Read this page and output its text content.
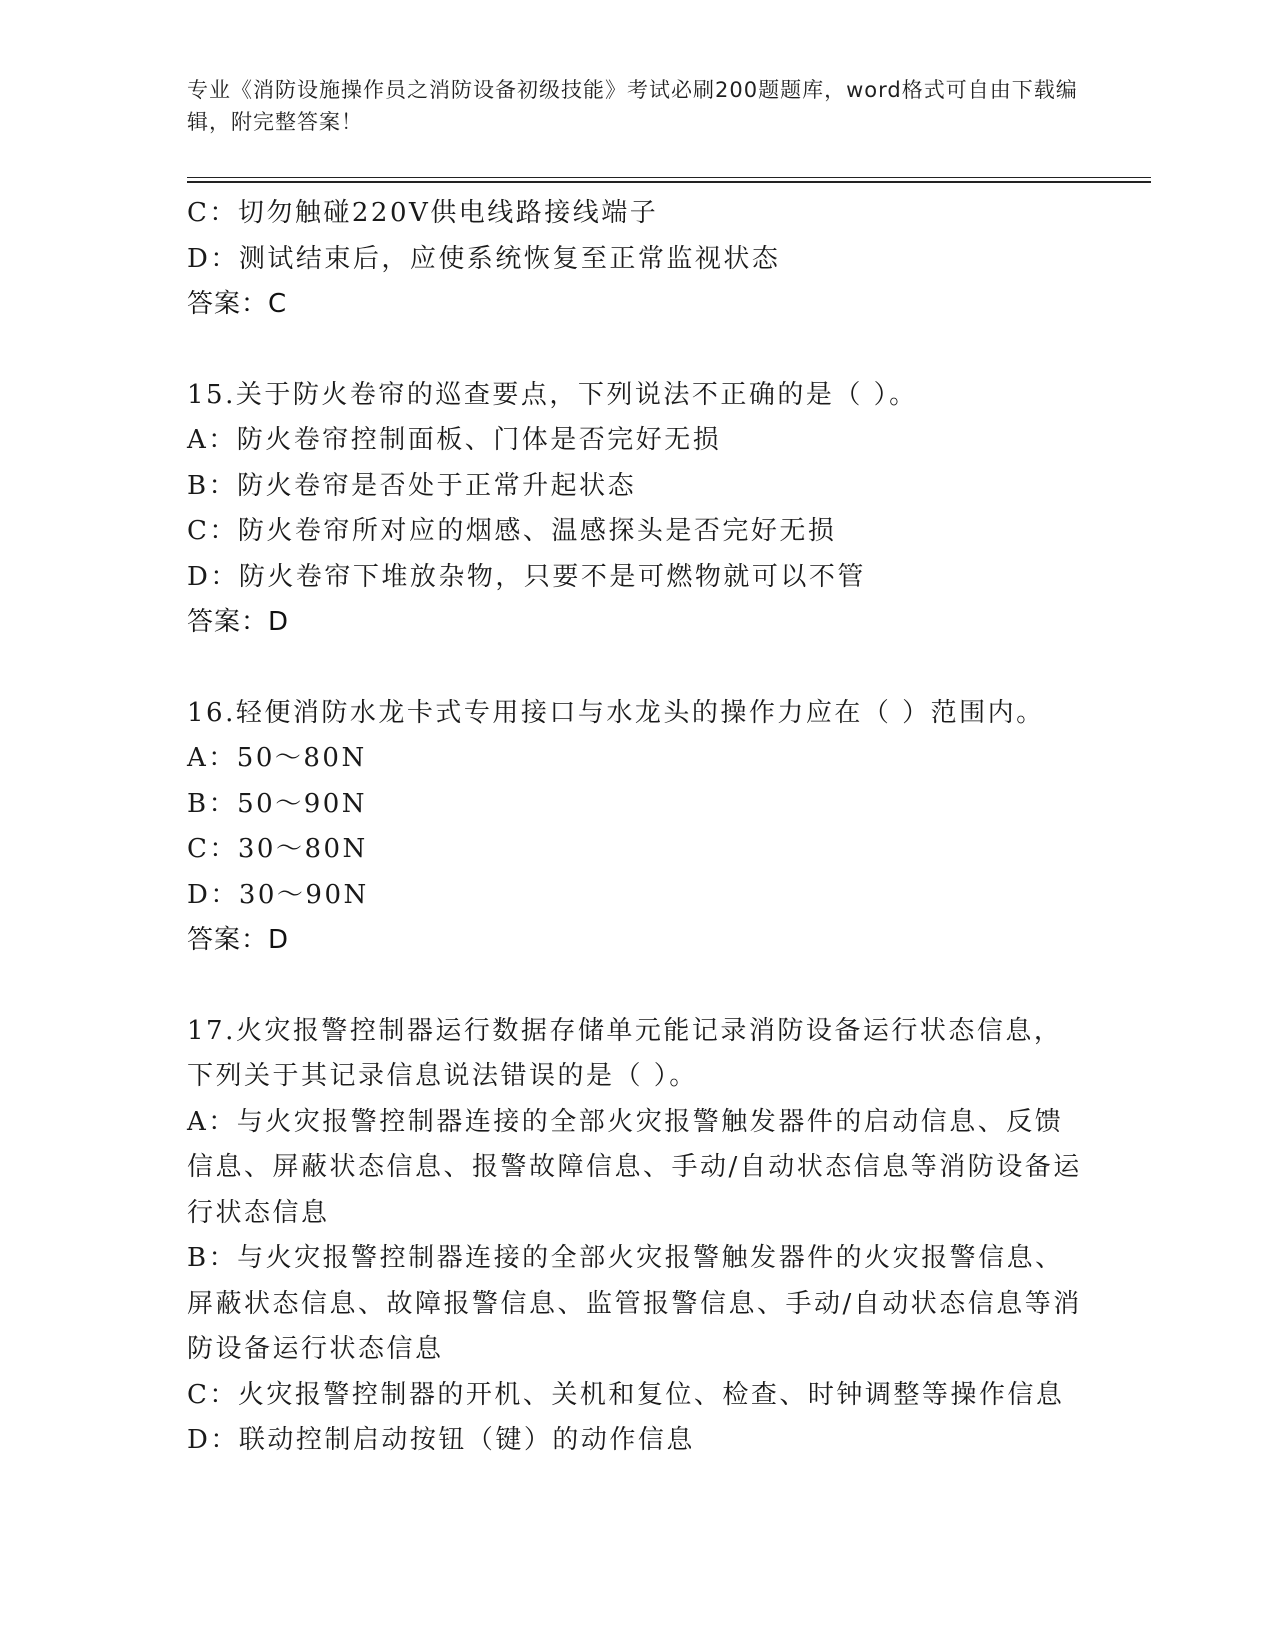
专业《消防设施操作员之消防设备初级技能》考试必刷200题题库，word格式可自由下载编辑，附完整答案！
C：切勿触碰220V供电线路接线端子
D：测试结束后，应使系统恢复至正常监视状态
答案：C
15.关于防火卷帘的巡查要点，下列说法不正确的是（ ）。
A：防火卷帘控制面板、门体是否完好无损
B：防火卷帘是否处于正常升起状态
C：防火卷帘所对应的烟感、温感探头是否完好无损
D：防火卷帘下堆放杂物，只要不是可燃物就可以不管
答案：D
16.轻便消防水龙卡式专用接口与水龙头的操作力应在（ ）范围内。
A：50～80N
B：50～90N
C：30～80N
D：30～90N
答案：D
17.火灾报警控制器运行数据存储单元能记录消防设备运行状态信息，下列关于其记录信息说法错误的是（ ）。
A：与火灾报警控制器连接的全部火灾报警触发器件的启动信息、反馈信息、屏蔽状态信息、报警故障信息、手动/自动状态信息等消防设备运行状态信息
B：与火灾报警控制器连接的全部火灾报警触发器件的火灾报警信息、屏蔽状态信息、故障报警信息、监管报警信息、手动/自动状态信息等消防设备运行状态信息
C：火灾报警控制器的开机、关机和复位、检查、时钟调整等操作信息
D：联动控制启动按钮（键）的动作信息
